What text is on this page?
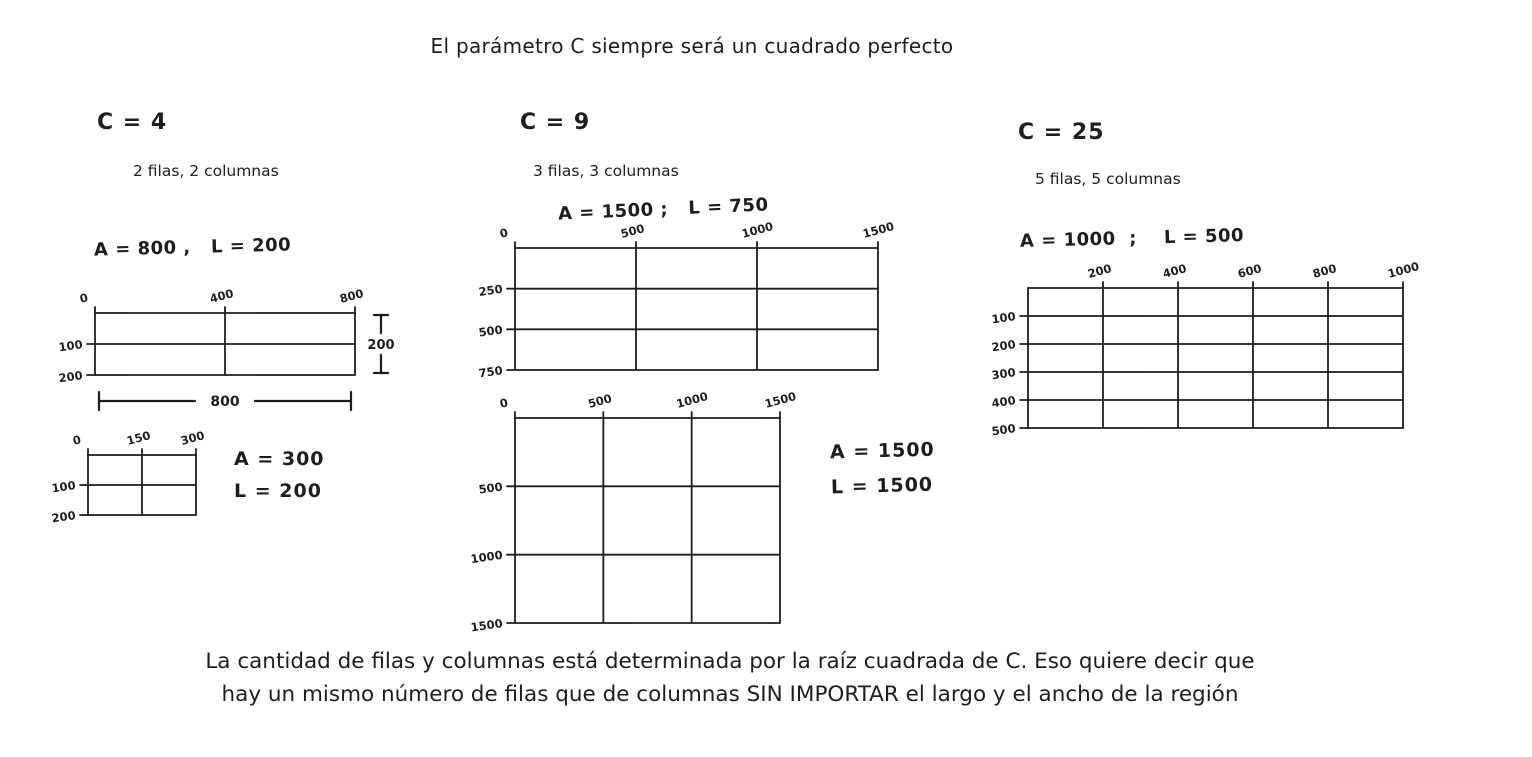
El parámetro C siempre será un cuadrado perfecto
C = 4
2 filas, 2 columnas
A = 800 ,   L = 200
0	400	800
100
200
200
800
0	150 300
100
200
A = 300
L = 200
C = 9
3 filas, 3 columnas
A = 1500 ;   L = 750
0	500	1000	1500
250
500
750
0	500	1000	1500
500
1000
1500
A = 1500
L = 1500
C = 25
5 filas, 5 columnas
A = 1000  ;    L = 500
200	400	600	800	1000
100
200
300
400
500
La cantidad de filas y columnas está determinada por la raíz cuadrada de C. Eso quiere decir que
hay un mismo número de filas que de columnas SIN IMPORTAR el largo y el ancho de la región
